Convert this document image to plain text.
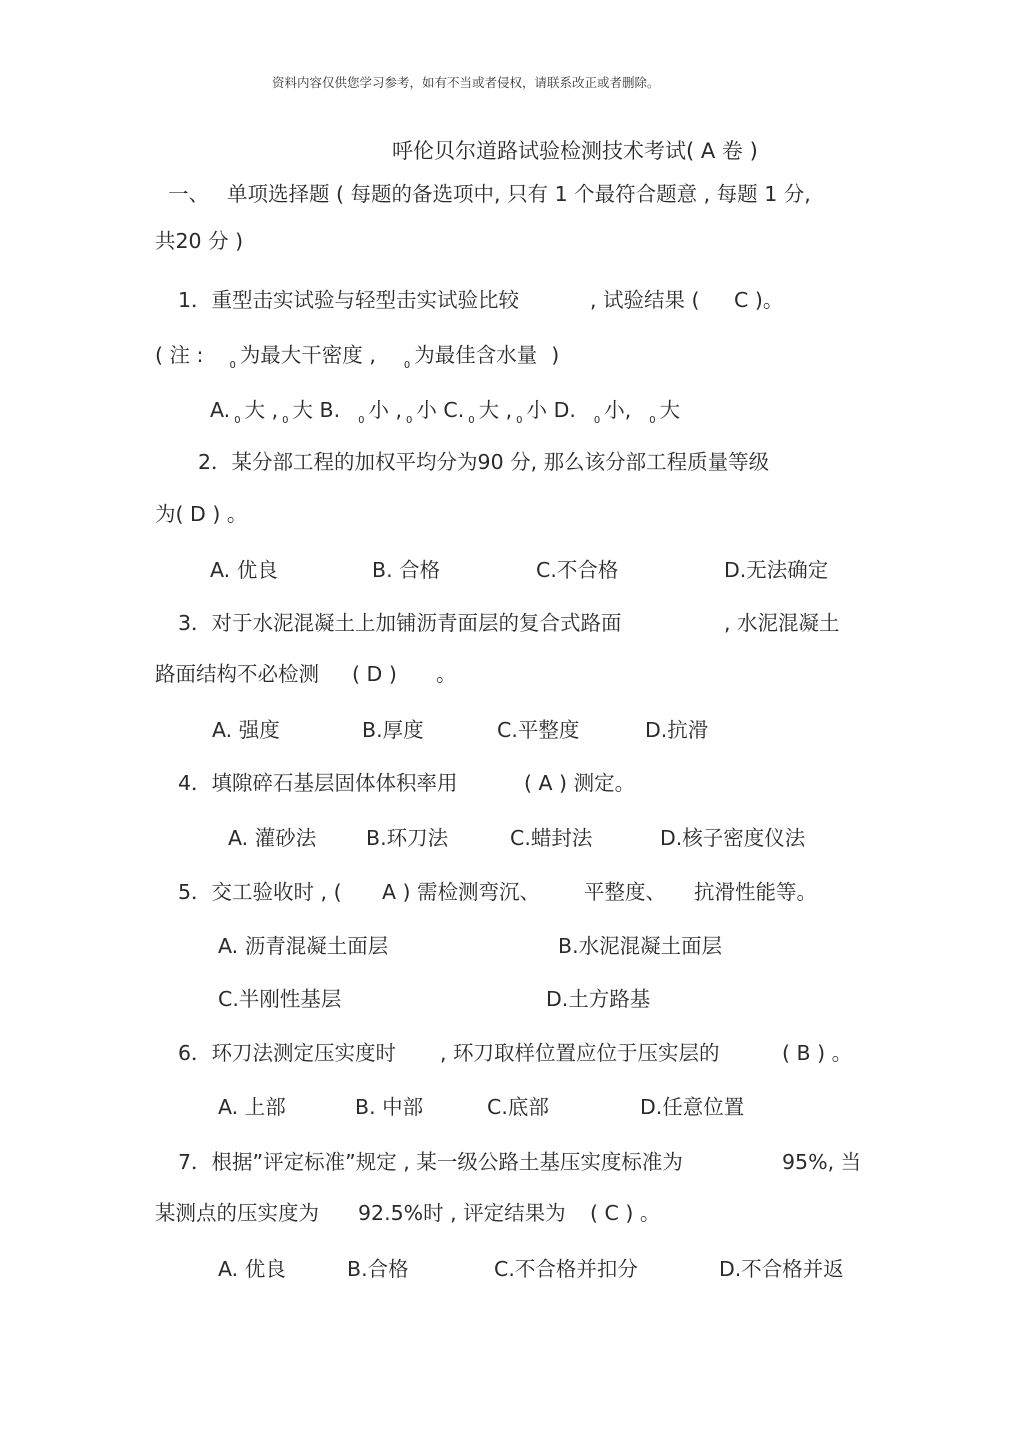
资料内容仅供您学习参考，如有不当或者侵权，请联系改正或者删除。
呼伦贝尔道路试验检测技术考试( A 卷 )
一、 单项选择题 ( 每题的备选项中, 只有 1 个最符合题意 , 每题 1 分,
共20 分 )
1．重型击实试验与轻型击实试验比较	, 试验结果 ( C )。
( 注 :	$_0$ 为最大干密度 ,	$_0$ 为最佳含水量 )
A. $_0$ 大 , $_0$ 大 B. $_0$ 小 , $_0$ 小 C. $_0$ 大 , $_0$ 小 D. $_0$ 小, $_0$ 大
2．某分部工程的加权平均分为90 分, 那么该分部工程质量等级
为( D ) 。
A. 优良	B. 合格	C.不合格	D.无法确定
3．对于水泥混凝土上加铺沥青面层的复合式路面	, 水泥混凝土
路面结构不必检测 ( D ) 。
A. 强度	B.厚度	C.平整度	D.抗滑
4．填隙碎石基层固体体积率用	( A ) 测定。
A. 灌砂法 B.环刀法	C.蜡封法	D.核子密度仪法
5．交工验收时 , ( A ) 需检测弯沉、 平整度、 抗滑性能等。
A. 沥青混凝土面层	B.水泥混凝土面层
C.半刚性基层	D.土方路基
6．环刀法测定压实度时 , 环刀取样位置应位于压实层的	( B ) 。
A. 上部	B. 中部	C.底部	D.任意位置
7．根据”评定标准”规定 , 某一级公路土基压实度标准为	95%, 当
某测点的压实度为 92.5%时 , 评定结果为 ( C ) 。
A. 优良	B.合格	C.不合格并扣分	D.不合格并返
